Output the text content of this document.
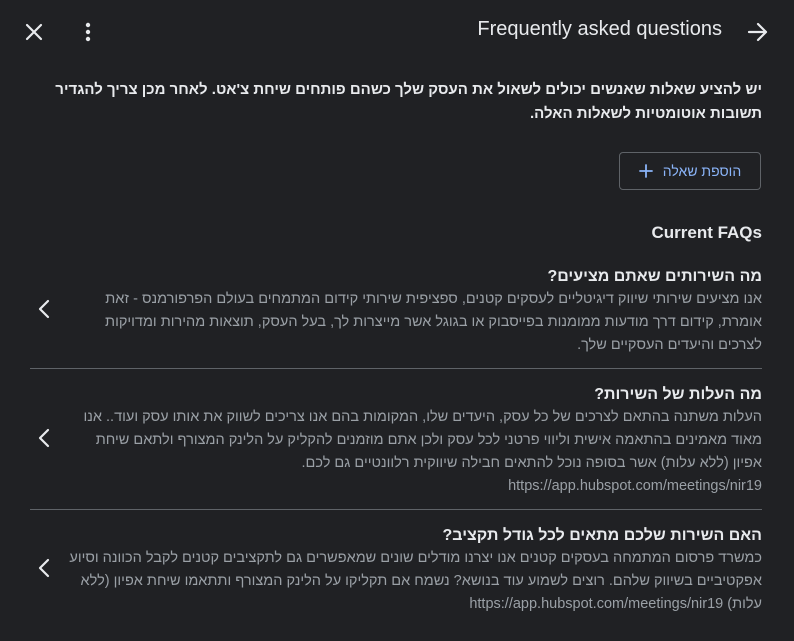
Frequently asked questions
יש להציע שאלות שאנשים יכולים לשאול את העסק שלך כשהם פותחים שיחת צ'אט. לאחר מכן צריך להגדיר תשובות אוטומטיות לשאלות האלה.
הוספת שאלה
Current FAQs
מה השירותים שאתם מציעים?
אנו מציעים שירותי שיווק דיגיטליים לעסקים קטנים, ספציפית שירותי קידום המתמחים בעולם הפרפורמנס - זאת אומרת, קידום דרך מודעות ממומנות בפייסבוק או בגוגל אשר מייצרות לך, בעל העסק, תוצאות מהירות ומדויקות לצרכים והיעדים העסקיים שלך.
מה העלות של השירות?
העלות משתנה בהתאם לצרכים של כל עסק, היעדים שלו, המקומות בהם אנו צריכים לשווק את אותו עסק ועוד.. אנו מאוד מאמינים בהתאמה אישית וליווי פרטני לכל עסק ולכן אתם מוזמנים להקליק על הלינק המצורף ולתאם שיחת אפיון (ללא עלות) אשר בסופה נוכל להתאים חבילה שיווקית רלוונטיים גם לכם. https://app.hubspot.com/meetings/nir19
האם השירות שלכם מתאים לכל גודל תקציב?
כמשרד פרסום המתמחה בעסקים קטנים אנו יצרנו מודלים שונים שמאפשרים גם לתקציבים קטנים לקבל הכוונה וסיוע אפקטיביים בשיווק שלהם. רוצים לשמוע עוד בנושא? נשמח אם תקליקו על הלינק המצורף ותתאמו שיחת אפיון (ללא עלות) https://app.hubspot.com/meetings/nir19
